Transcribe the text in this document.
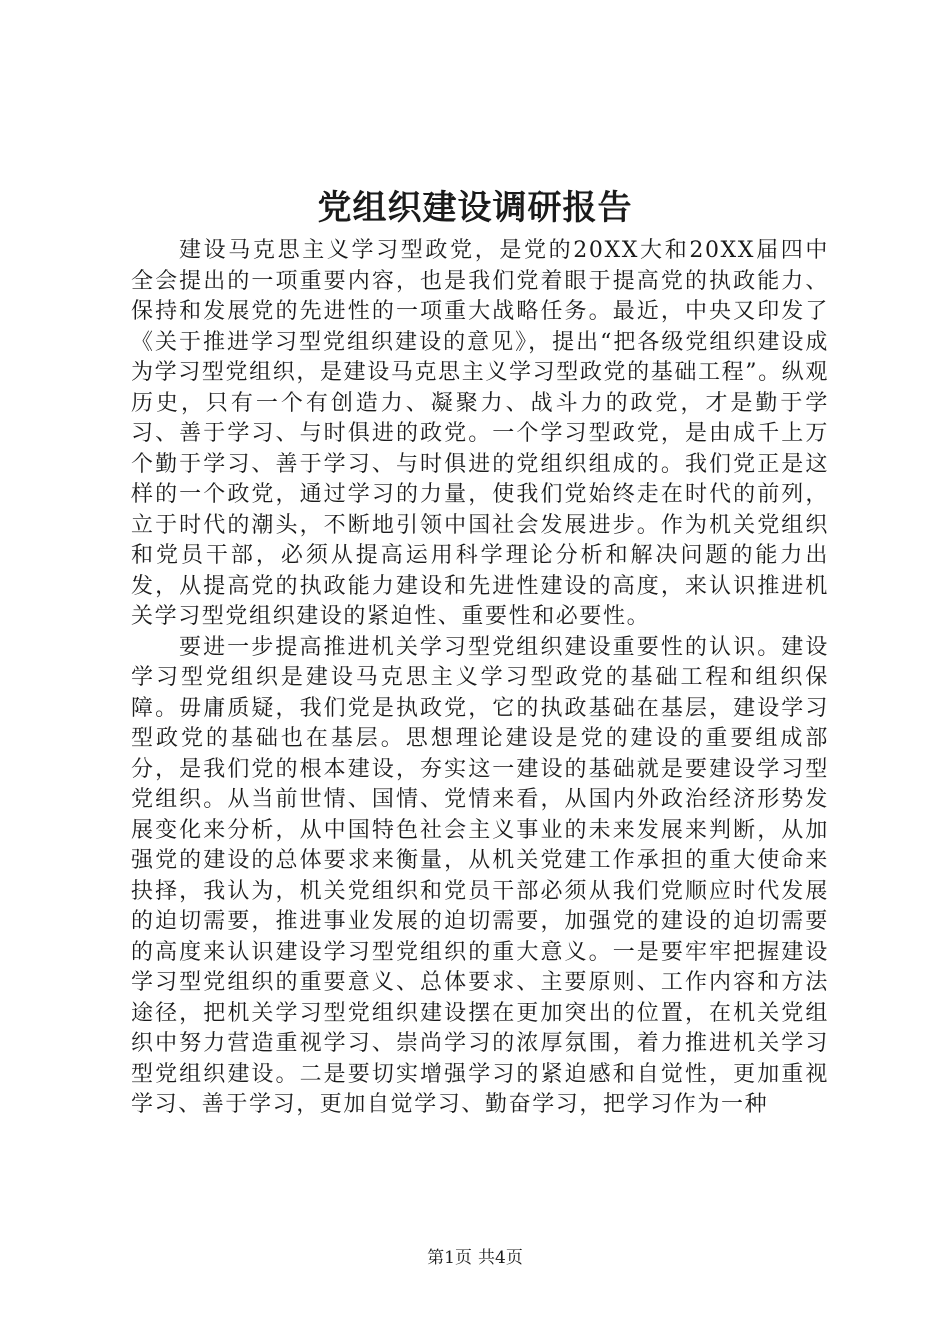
党组织建设调研报告

建设马克思主义学习型政党，是党的20XX大和20XX届四中全会提出的一项重要内容，也是我们党着眼于提高党的执政能力、保持和发展党的先进性的一项重大战略任务。最近，中央又印发了《关于推进学习型党组织建设的意见》，提出“把各级党组织建设成为学习型党组织，是建设马克思主义学习型政党的基础工程”。纵观历史，只有一个有创造力、凝聚力、战斗力的政党，才是勤于学习、善于学习、与时俱进的政党。一个学习型政党，是由成千上万个勤于学习、善于学习、与时俱进的党组织组成的。我们党正是这样的一个政党，通过学习的力量，使我们党始终走在时代的前列，立于时代的潮头，不断地引领中国社会发展进步。作为机关党组织和党员干部，必须从提高运用科学理论分析和解决问题的能力出发，从提高党的执政能力建设和先进性建设的高度，来认识推进机关学习型党组织建设的紧迫性、重要性和必要性。

要进一步提高推进机关学习型党组织建设重要性的认识。建设学习型党组织是建设马克思主义学习型政党的基础工程和组织保障。毋庸质疑，我们党是执政党，它的执政基础在基层，建设学习型政党的基础也在基层。思想理论建设是党的建设的重要组成部分，是我们党的根本建设，夯实这一建设的基础就是要建设学习型党组织。从当前世情、国情、党情来看，从国内外政治经济形势发展变化来分析，从中国特色社会主义事业的未来发展来判断，从加强党的建设的总体要求来衡量，从机关党建工作承担的重大使命来抉择，我认为，机关党组织和党员干部必须从我们党顺应时代发展的迫切需要，推进事业发展的迫切需要，加强党的建设的迫切需要的高度来认识建设学习型党组织的重大意义。一是要牢牢把握建设学习型党组织的重要意义、总体要求、主要原则、工作内容和方法途径，把机关学习型党组织建设摆在更加突出的位置，在机关党组织中努力营造重视学习、崇尚学习的浓厚氛围，着力推进机关学习型党组织建设。二是要切实增强学习的紧迫感和自觉性，更加重视学习、善于学习，更加自觉学习、勤奋学习，把学习作为一种

第1页 共4页
